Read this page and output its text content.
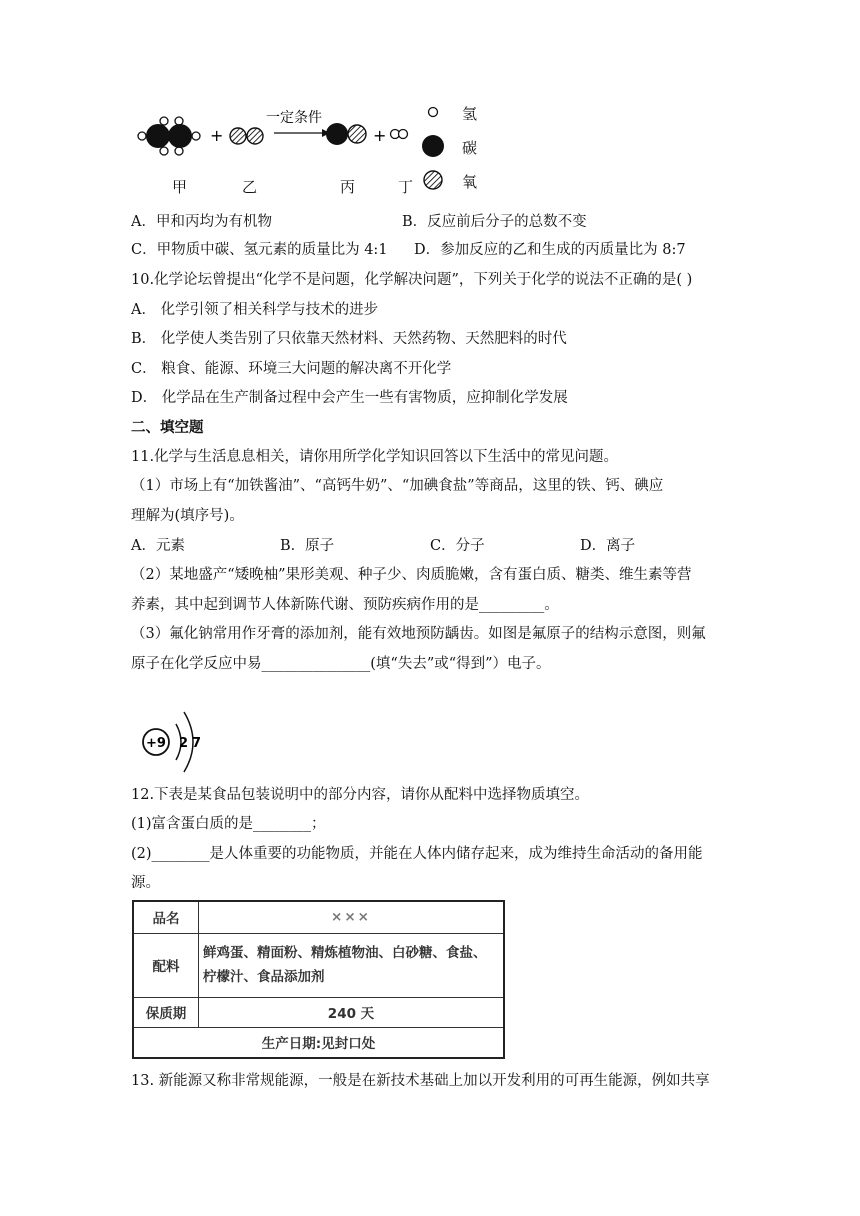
+
一定条件
+
氢
碳
氧
甲	乙	丙	丁
A．甲和丙均为有机物	B．反应前后分子的总数不变
C．甲物质中碳、氢元素的质量比为 4:1 D．参加反应的乙和生成的丙质量比为 8:7
10.化学论坛曾提出“化学不是问题，化学解决问题”，下列关于化学的说法不正确的是( )
A． 化学引领了相关科学与技术的进步
B． 化学使人类告别了只依靠天然材料、天然药物、天然肥料的时代
C． 粮食、能源、环境三大问题的解决离不开化学
D． 化学品在生产制备过程中会产生一些有害物质，应抑制化学发展
二、填空题
11.化学与生活息息相关，请你用所学化学知识回答以下生活中的常见问题。
（1）市场上有“加铁酱油”、“高钙牛奶”、“加碘食盐”等商品，这里的铁、钙、碘应
理解为(填序号)。
A．元素	B．原子	C．分子	D．离子
（2）某地盛产“矮晚柚”果形美观、种子少、肉质脆嫩，含有蛋白质、糖类、维生素等营
养素，其中起到调节人体新陈代谢、预防疾病作用的是_________。
（3）氟化钠常用作牙膏的添加剂，能有效地预防龋齿。如图是氟原子的结构示意图，则氟
原子在化学反应中易_______________(填“失去”或“得到”）电子。
+9 2 7
12.下表是某食品包装说明中的部分内容，请你从配料中选择物质填空。
(1)富含蛋白质的是________；
(2)________是人体重要的功能物质，并能在人体内储存起来，成为维持生命活动的备用能
源。
品名	×××
配料	鲜鸡蛋、精面粉、精炼植物油、白砂糖、食盐、
柠檬汁、食品添加剂

保质期	240 天
生产日期:见封口处	
13. 新能源又称非常规能源，一般是在新技术基础上加以开发利用的可再生能源，例如共享
